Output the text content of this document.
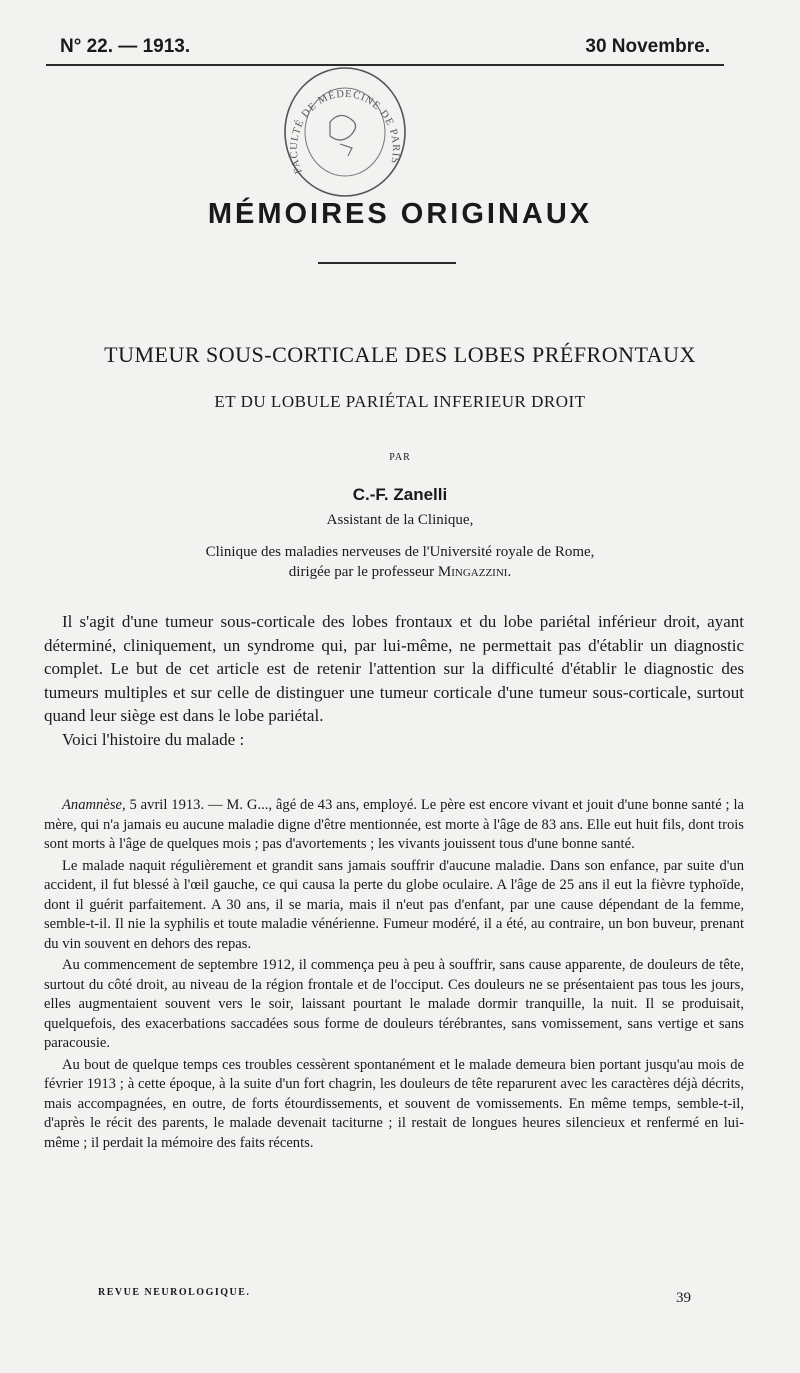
N° 22. — 1913.	30 Novembre.
FACULTÉ DE MÉDECINE DE PARIS
MÉMOIRES ORIGINAUX
TUMEUR SOUS-CORTICALE DES LOBES PRÉFRONTAUX
ET DU LOBULE PARIÉTAL INFERIEUR DROIT
PAR
C.-F. Zanelli
Assistant de la Clinique,
Clinique des maladies nerveuses de l'Université royale de Rome,
dirigée par le professeur Mingazzini.

Il s'agit d'une tumeur sous-corticale des lobes frontaux et du lobe pariétal inférieur droit, ayant déterminé, cliniquement, un syndrome qui, par lui-même, ne permettait pas d'établir un diagnostic complet. Le but de cet article est de retenir l'attention sur la difficulté d'établir le diagnostic des tumeurs multiples et sur celle de distinguer une tumeur corticale d'une tumeur sous-corticale, surtout quand leur siège est dans le lobe pariétal.

Voici l'histoire du malade :

Anamnèse, 5 avril 1913. — M. G..., âgé de 43 ans, employé. Le père est encore vivant et jouit d'une bonne santé ; la mère, qui n'a jamais eu aucune maladie digne d'être mentionnée, est morte à l'âge de 83 ans. Elle eut huit fils, dont trois sont morts à l'âge de quelques mois ; pas d'avortements ; les vivants jouissent tous d'une bonne santé.

Le malade naquit régulièrement et grandit sans jamais souffrir d'aucune maladie. Dans son enfance, par suite d'un accident, il fut blessé à l'œil gauche, ce qui causa la perte du globe oculaire. A l'âge de 25 ans il eut la fièvre typhoïde, dont il guérit parfaitement. A 30 ans, il se maria, mais il n'eut pas d'enfant, par une cause dépendant de la femme, semble-t-il. Il nie la syphilis et toute maladie vénérienne. Fumeur modéré, il a été, au contraire, un bon buveur, prenant du vin souvent en dehors des repas.

Au commencement de septembre 1912, il commença peu à peu à souffrir, sans cause apparente, de douleurs de tête, surtout du côté droit, au niveau de la région frontale et de l'occiput. Ces douleurs ne se présentaient pas tous les jours, elles augmentaient souvent vers le soir, laissant pourtant le malade dormir tranquille, la nuit. Il se produisait, quelquefois, des exacerbations saccadées sous forme de douleurs térébrantes, sans vomissement, sans vertige et sans paracousie.

Au bout de quelque temps ces troubles cessèrent spontanément et le malade demeura bien portant jusqu'au mois de février 1913 ; à cette époque, à la suite d'un fort chagrin, les douleurs de tête reparurent avec les caractères déjà décrits, mais accompagnées, en outre, de forts étourdissements, et souvent de vomissements. En même temps, semble-t-il, d'après le récit des parents, le malade devenait taciturne ; il restait de longues heures silencieux et renfermé en lui-même ; il perdait la mémoire des faits récents.

REVUE NEUROLOGIQUE.	39
